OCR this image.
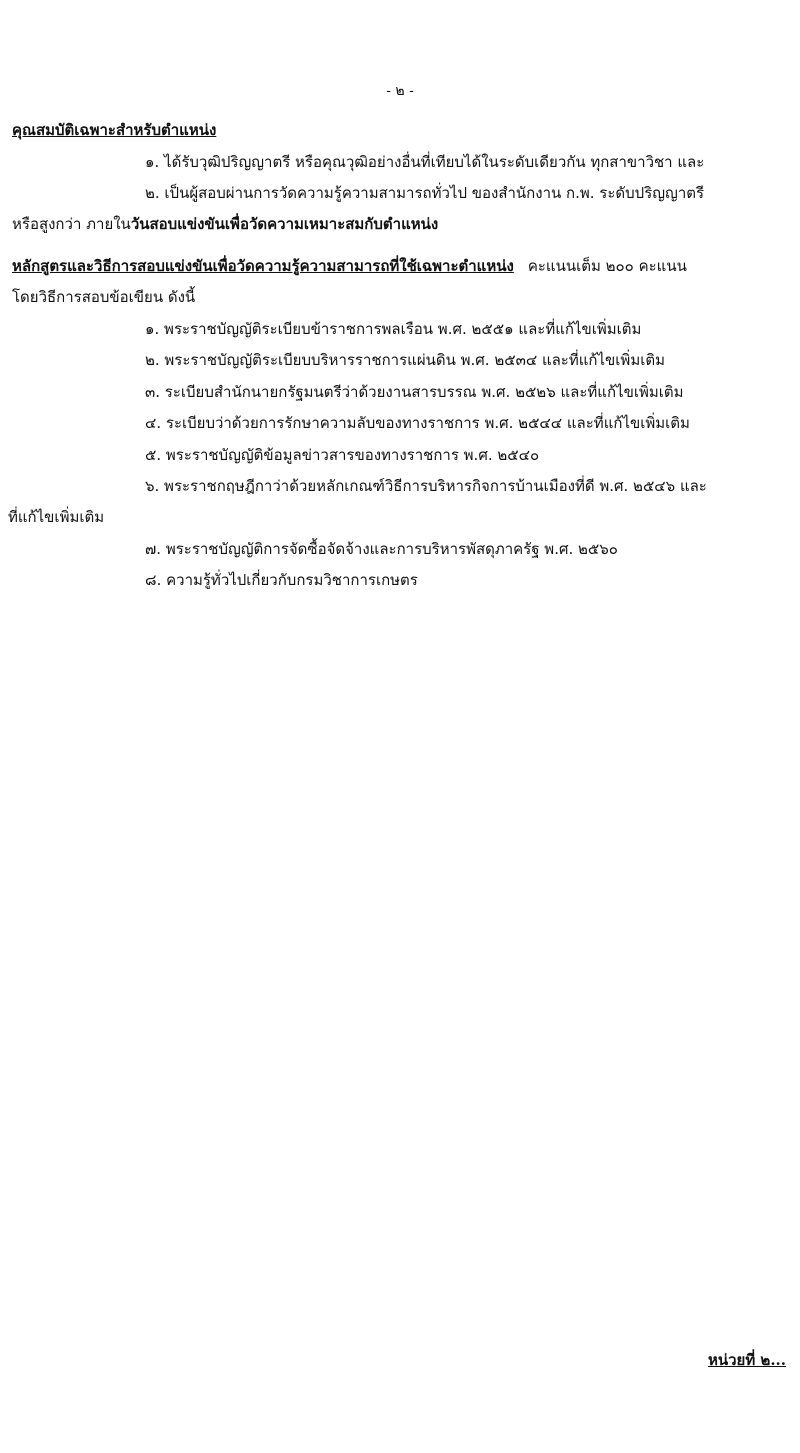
- ๒ -
คุณสมบัติเฉพาะสำหรับตำแหน่ง
๑. ได้รับวุฒิปริญญาตรี หรือคุณวุฒิอย่างอื่นที่เทียบได้ในระดับเดียวกัน ทุกสาขาวิชา และ
๒. เป็นผู้สอบผ่านการวัดความรู้ความสามารถทั่วไป ของสำนักงาน ก.พ. ระดับปริญญาตรี
หรือสูงกว่า ภายในวันสอบแข่งขันเพื่อวัดความเหมาะสมกับตำแหน่ง
หลักสูตรและวิธีการสอบแข่งขันเพื่อวัดความรู้ความสามารถที่ใช้เฉพาะตำแหน่ง คะแนนเต็ม ๒๐๐ คะแนน
โดยวิธีการสอบข้อเขียน ดังนี้
๑. พระราชบัญญัติระเบียบข้าราชการพลเรือน พ.ศ. ๒๕๕๑ และที่แก้ไขเพิ่มเติม
๒. พระราชบัญญัติระเบียบบริหารราชการแผ่นดิน พ.ศ. ๒๕๓๔ และที่แก้ไขเพิ่มเติม
๓. ระเบียบสำนักนายกรัฐมนตรีว่าด้วยงานสารบรรณ พ.ศ. ๒๕๒๖ และที่แก้ไขเพิ่มเติม
๔. ระเบียบว่าด้วยการรักษาความลับของทางราชการ พ.ศ. ๒๕๔๔ และที่แก้ไขเพิ่มเติม
๕. พระราชบัญญัติข้อมูลข่าวสารของทางราชการ พ.ศ. ๒๕๔๐
๖. พระราชกฤษฎีกาว่าด้วยหลักเกณฑ์วิธีการบริหารกิจการบ้านเมืองที่ดี พ.ศ. ๒๕๔๖ และ
ที่แก้ไขเพิ่มเติม
๗. พระราชบัญญัติการจัดซื้อจัดจ้างและการบริหารพัสดุภาครัฐ พ.ศ. ๒๕๖๐
๘. ความรู้ทั่วไปเกี่ยวกับกรมวิชาการเกษตร
หน่วยที่ ๒...
